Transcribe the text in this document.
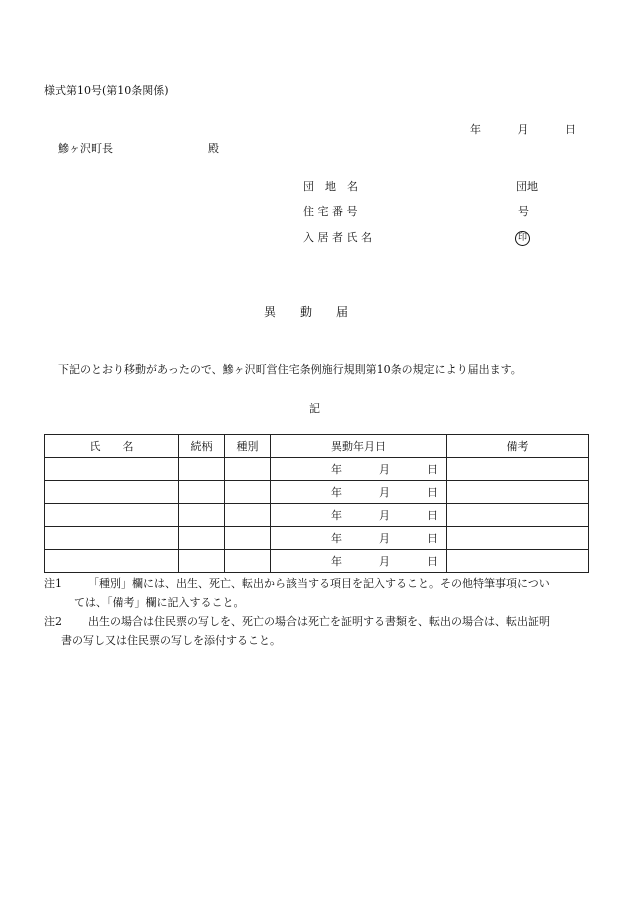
様式第10号(第10条関係)
年	月	日
鰺ヶ沢町長	殿
団　地　名	団地
住 宅 番 号	号
入 居 者 氏 名	印
異　　動　　届
下記のとおり移動があったので、鰺ヶ沢町営住宅条例施行規則第10条の規定により届出ます。
記
氏　　名	続柄	種別	異動年月日	備考

			年 月 日	

			年 月 日	

			年 月 日	

			年 月 日	

			年 月 日	

注1 「種別」欄には、出生、死亡、転出から該当する項目を記入すること。その他特筆事項につい
ては、「備考」欄に記入すること。
注2 出生の場合は住民票の写しを、死亡の場合は死亡を証明する書類を、転出の場合は、転出証明
書の写し又は住民票の写しを添付すること。
